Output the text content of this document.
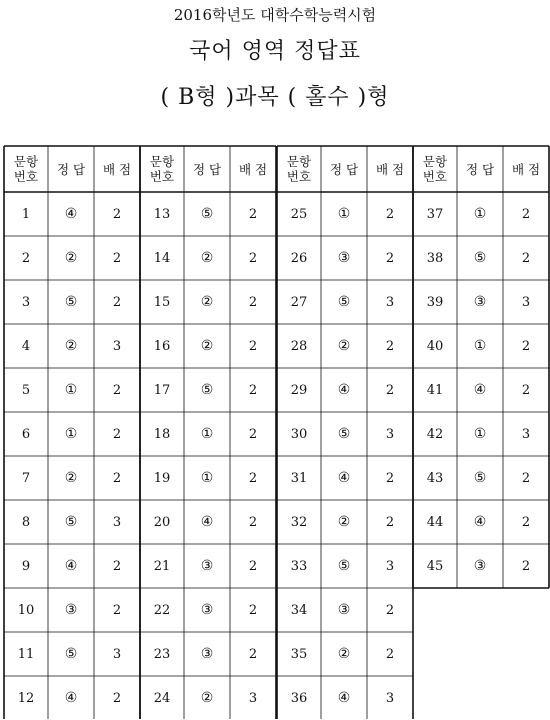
2016학년도 대학수학능력시험
국어 영역 정답표
( B형 )과목 ( 홀수 )형
문항
번호	정 답	배 점
1	④	2
2	②	2
3	⑤	2
4	②	3
5	①	2
6	①	2
7	②	2
8	⑤	3
9	④	2
10	③	2
11	⑤	3
12	④	2
문항
번호	정 답	배 점
13	⑤	2
14	②	2
15	②	2
16	②	2
17	⑤	2
18	①	2
19	①	2
20	④	2
21	③	2
22	③	2
23	③	2
24	②	3
문항
번호	정 답	배 점
25	①	2
26	③	2
27	⑤	3
28	②	2
29	④	2
30	⑤	3
31	④	2
32	②	2
33	⑤	3
34	③	2
35	②	2
36	④	3
문항
번호	정 답	배 점
37	①	2
38	⑤	2
39	③	3
40	①	2
41	④	2
42	①	3
43	⑤	2
44	④	2
45	③	2
